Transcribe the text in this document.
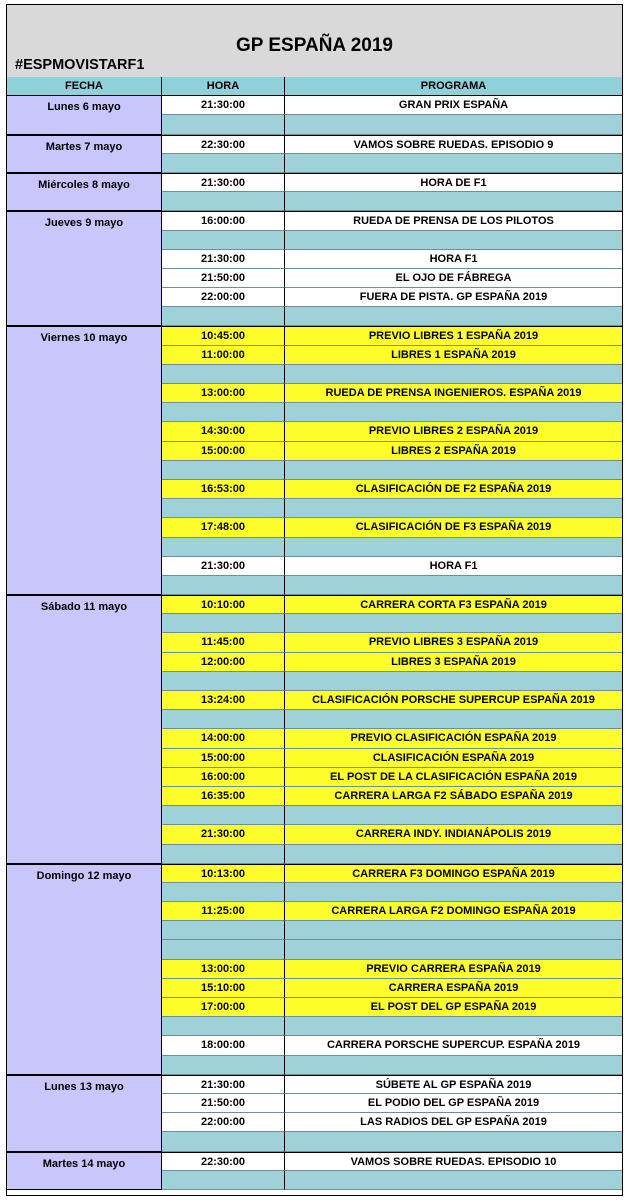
GP ESPAÑA 2019
#ESPMOVISTARF1
FECHA	HORA	PROGRAMA
Lunes 6 mayo	21:30:00	GRAN PRIX ESPAÑA
Martes 7 mayo	22:30:00	VAMOS SOBRE RUEDAS. EPISODIO 9
Miércoles 8 mayo	21:30:00	HORA DE F1
Jueves 9 mayo	16:00:00	RUEDA DE PRENSA DE LOS PILOTOS
21:30:00	HORA F1
21:50:00	EL OJO DE FÁBREGA
22:00:00	FUERA DE PISTA. GP ESPAÑA 2019
Viernes 10 mayo	10:45:00	PREVIO LIBRES 1 ESPAÑA 2019
11:00:00	LIBRES 1 ESPAÑA 2019
13:00:00	RUEDA DE PRENSA INGENIEROS. ESPAÑA 2019
14:30:00	PREVIO LIBRES 2 ESPAÑA 2019
15:00:00	LIBRES 2 ESPAÑA 2019
16:53:00	CLASIFICACIÓN DE F2 ESPAÑA 2019
17:48:00	CLASIFICACIÓN DE F3 ESPAÑA 2019
21:30:00	HORA F1
Sábado 11 mayo	10:10:00	CARRERA CORTA F3 ESPAÑA 2019
11:45:00	PREVIO LIBRES 3 ESPAÑA 2019
12:00:00	LIBRES 3 ESPAÑA 2019
13:24:00	CLASIFICACIÓN PORSCHE SUPERCUP ESPAÑA 2019
14:00:00	PREVIO CLASIFICACIÓN ESPAÑA 2019
15:00:00	CLASIFICACIÓN ESPAÑA 2019
16:00:00	EL POST DE LA CLASIFICACIÓN ESPAÑA 2019
16:35:00	CARRERA LARGA F2 SÁBADO ESPAÑA 2019
21:30:00	CARRERA INDY. INDIANÁPOLIS 2019
Domingo 12 mayo	10:13:00	CARRERA F3 DOMINGO ESPAÑA 2019
11:25:00	CARRERA LARGA F2 DOMINGO ESPAÑA 2019
13:00:00	PREVIO CARRERA ESPAÑA 2019
15:10:00	CARRERA ESPAÑA 2019
17:00:00	EL POST DEL GP ESPAÑA 2019
18:00:00	CARRERA PORSCHE SUPERCUP. ESPAÑA 2019
Lunes 13 mayo	21:30:00	SÚBETE AL GP ESPAÑA 2019
21:50:00	EL PODIO DEL GP ESPAÑA 2019
22:00:00	LAS RADIOS DEL GP ESPAÑA 2019
Martes 14 mayo	22:30:00	VAMOS SOBRE RUEDAS. EPISODIO 10
